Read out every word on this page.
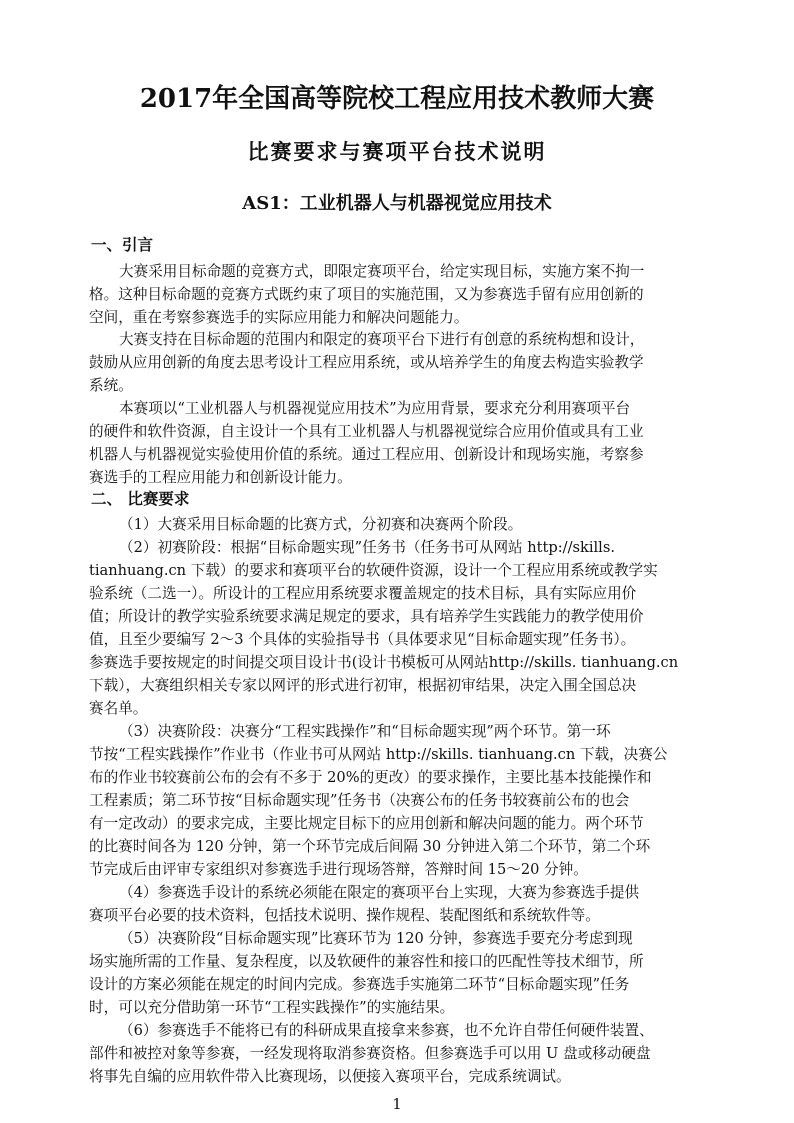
2017年全国高等院校工程应用技术教师大赛
比赛要求与赛项平台技术说明
AS1：工业机器人与机器视觉应用技术
一、引言
大赛采用目标命题的竞赛方式，即限定赛项平台，给定实现目标，实施方案不拘一
格。这种目标命题的竞赛方式既约束了项目的实施范围，又为参赛选手留有应用创新的
空间，重在考察参赛选手的实际应用能力和解决问题能力。
大赛支持在目标命题的范围内和限定的赛项平台下进行有创意的系统构想和设计，
鼓励从应用创新的角度去思考设计工程应用系统，或从培养学生的角度去构造实验教学
系统。
本赛项以“工业机器人与机器视觉应用技术”为应用背景，要求充分利用赛项平台
的硬件和软件资源，自主设计一个具有工业机器人与机器视觉综合应用价值或具有工业
机器人与机器视觉实验使用价值的系统。通过工程应用、创新设计和现场实施，考察参
赛选手的工程应用能力和创新设计能力。
二、 比赛要求
（1）大赛采用目标命题的比赛方式，分初赛和决赛两个阶段。
（2）初赛阶段：根据“目标命题实现”任务书（任务书可从网站 http://skills.
tianhuang.cn 下载）的要求和赛项平台的软硬件资源，设计一个工程应用系统或教学实
验系统（二选一）。所设计的工程应用系统要求覆盖规定的技术目标，具有实际应用价
值；所设计的教学实验系统要求满足规定的要求，具有培养学生实践能力的教学使用价
值，且至少要编写 2～3 个具体的实验指导书（具体要求见“目标命题实现”任务书）。
参赛选手要按规定的时间提交项目设计书(设计书模板可从网站http://skills. tianhuang.cn
下载），大赛组织相关专家以网评的形式进行初审，根据初审结果，决定入围全国总决
赛名单。
（3）决赛阶段：决赛分“工程实践操作”和“目标命题实现”两个环节。第一环
节按“工程实践操作”作业书（作业书可从网站 http://skills. tianhuang.cn 下载，决赛公
布的作业书较赛前公布的会有不多于 20%的更改）的要求操作，主要比基本技能操作和
工程素质；第二环节按“目标命题实现”任务书（决赛公布的任务书较赛前公布的也会
有一定改动）的要求完成，主要比规定目标下的应用创新和解决问题的能力。两个环节
的比赛时间各为 120 分钟，第一个环节完成后间隔 30 分钟进入第二个环节，第二个环
节完成后由评审专家组织对参赛选手进行现场答辩，答辩时间 15～20 分钟。
（4）参赛选手设计的系统必须能在限定的赛项平台上实现，大赛为参赛选手提供
赛项平台必要的技术资料，包括技术说明、操作规程、装配图纸和系统软件等。
（5）决赛阶段“目标命题实现”比赛环节为 120 分钟，参赛选手要充分考虑到现
场实施所需的工作量、复杂程度，以及软硬件的兼容性和接口的匹配性等技术细节，所
设计的方案必须能在规定的时间内完成。参赛选手实施第二环节“目标命题实现”任务
时，可以充分借助第一环节“工程实践操作”的实施结果。
（6）参赛选手不能将已有的科研成果直接拿来参赛，也不允许自带任何硬件装置、
部件和被控对象等参赛，一经发现将取消参赛资格。但参赛选手可以用 U 盘或移动硬盘
将事先自编的应用软件带入比赛现场，以便接入赛项平台，完成系统调试。
1
